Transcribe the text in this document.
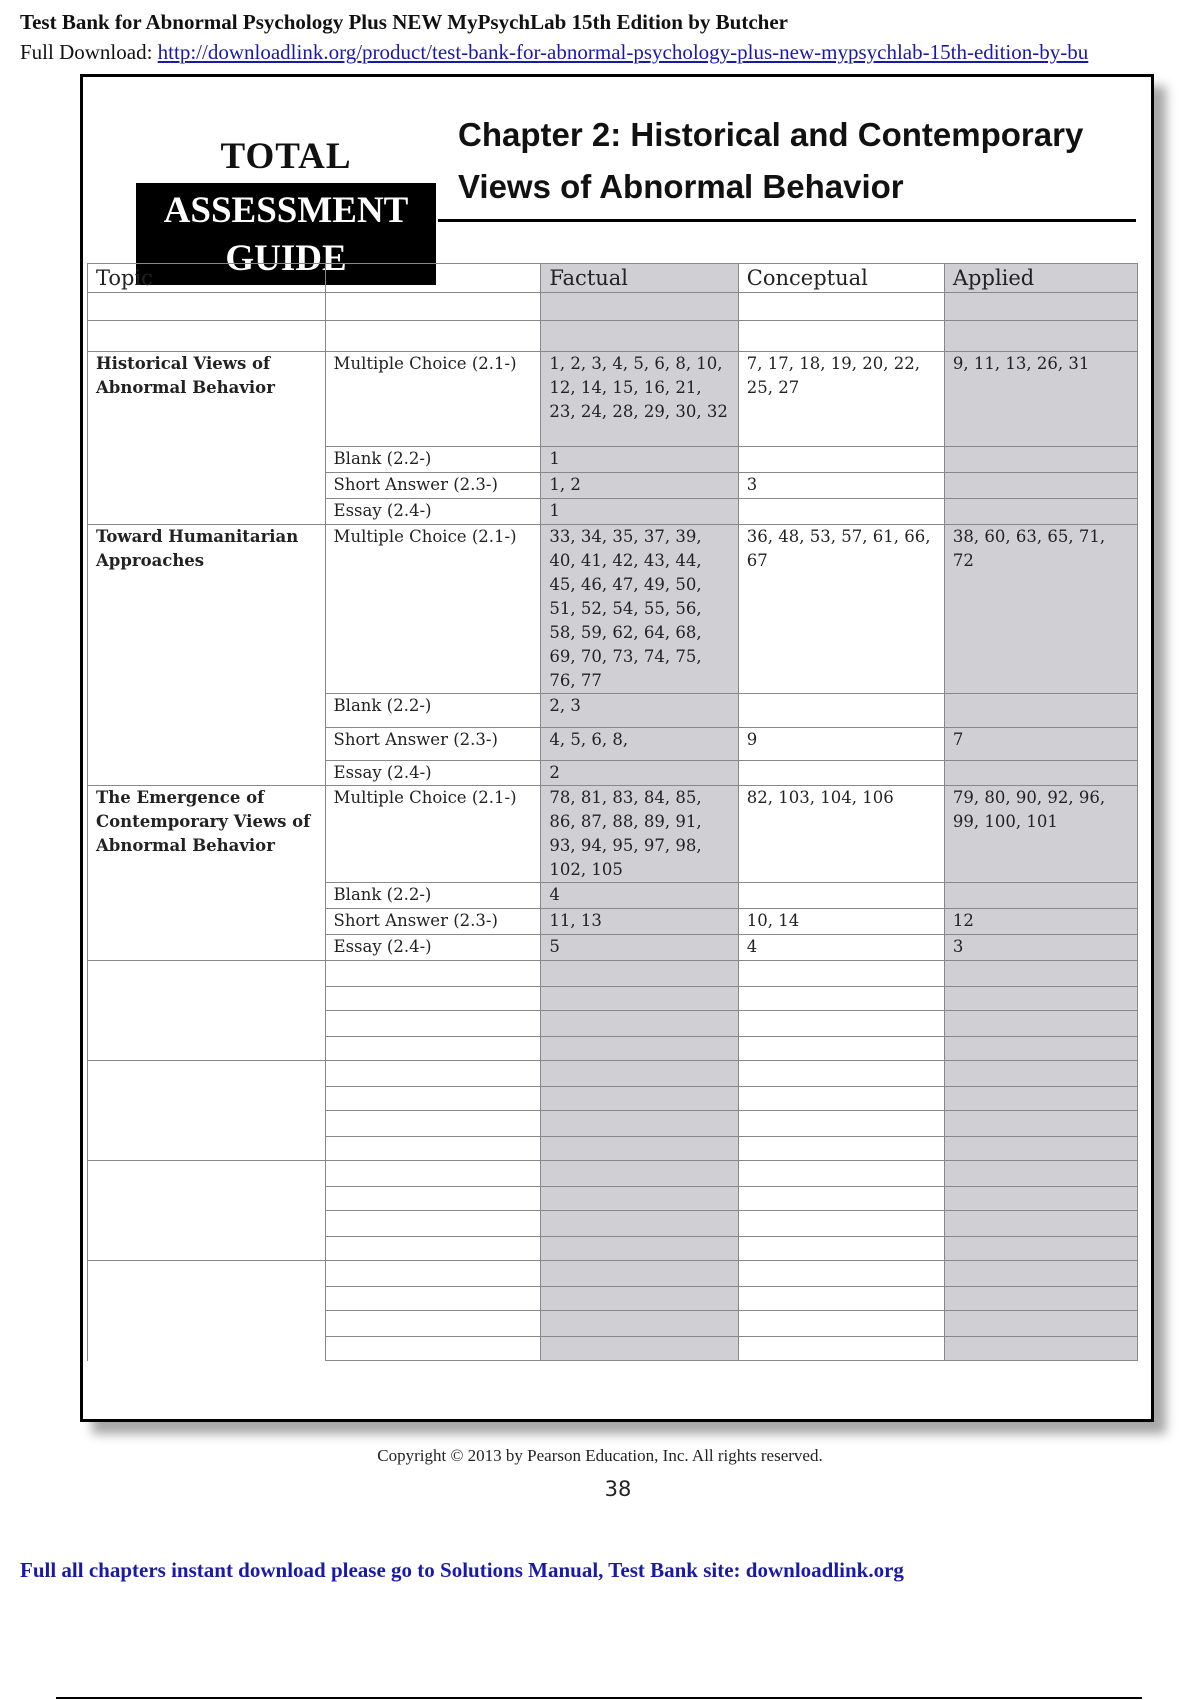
Test Bank for Abnormal Psychology Plus NEW MyPsychLab 15th Edition by Butcher
Full Download: http://downloadlink.org/product/test-bank-for-abnormal-psychology-plus-new-mypsychlab-15th-edition-by-bu
TOTAL
ASSESSMENT
GUIDE
Chapter 2: Historical and Contemporary
Views of Abnormal Behavior
Topic		Factual	Conceptual	Applied

Historical Views of Abnormal Behavior	Multiple Choice (2.1-)	1, 2, 3, 4, 5, 6, 8, 10, 12, 14, 15, 16, 21, 23, 24, 28, 29, 30, 32	7, 17, 18, 19, 20, 22, 25, 27	9, 11, 13, 26, 31
	Blank (2.2-)	1		
	Short Answer (2.3-)	1, 2	3	
	Essay (2.4-)	1		
Toward Humanitarian Approaches	Multiple Choice (2.1-)	33, 34, 35, 37, 39, 40, 41, 42, 43, 44, 45, 46, 47, 49, 50, 51, 52, 54, 55, 56, 58, 59, 62, 64, 68, 69, 70, 73, 74, 75, 76, 77	36, 48, 53, 57, 61, 66, 67	38, 60, 63, 65, 71, 72
	Blank (2.2-)	2, 3		
	Short Answer (2.3-)	4, 5, 6, 8,	9	7
	Essay (2.4-)	2		
The Emergence of Contemporary Views of Abnormal Behavior	Multiple Choice (2.1-)	78, 81, 83, 84, 85, 86, 87, 88, 89, 91, 93, 94, 95, 97, 98, 102, 105	82, 103, 104, 106	79, 80, 90, 92, 96, 99, 100, 101
	Blank (2.2-)	4		
	Short Answer (2.3-)	11, 13	10, 14	12
	Essay (2.4-)	5	4	3

Copyright © 2013 by Pearson Education, Inc. All rights reserved.
38
Full all chapters instant download please go to Solutions Manual, Test Bank site: downloadlink.org
